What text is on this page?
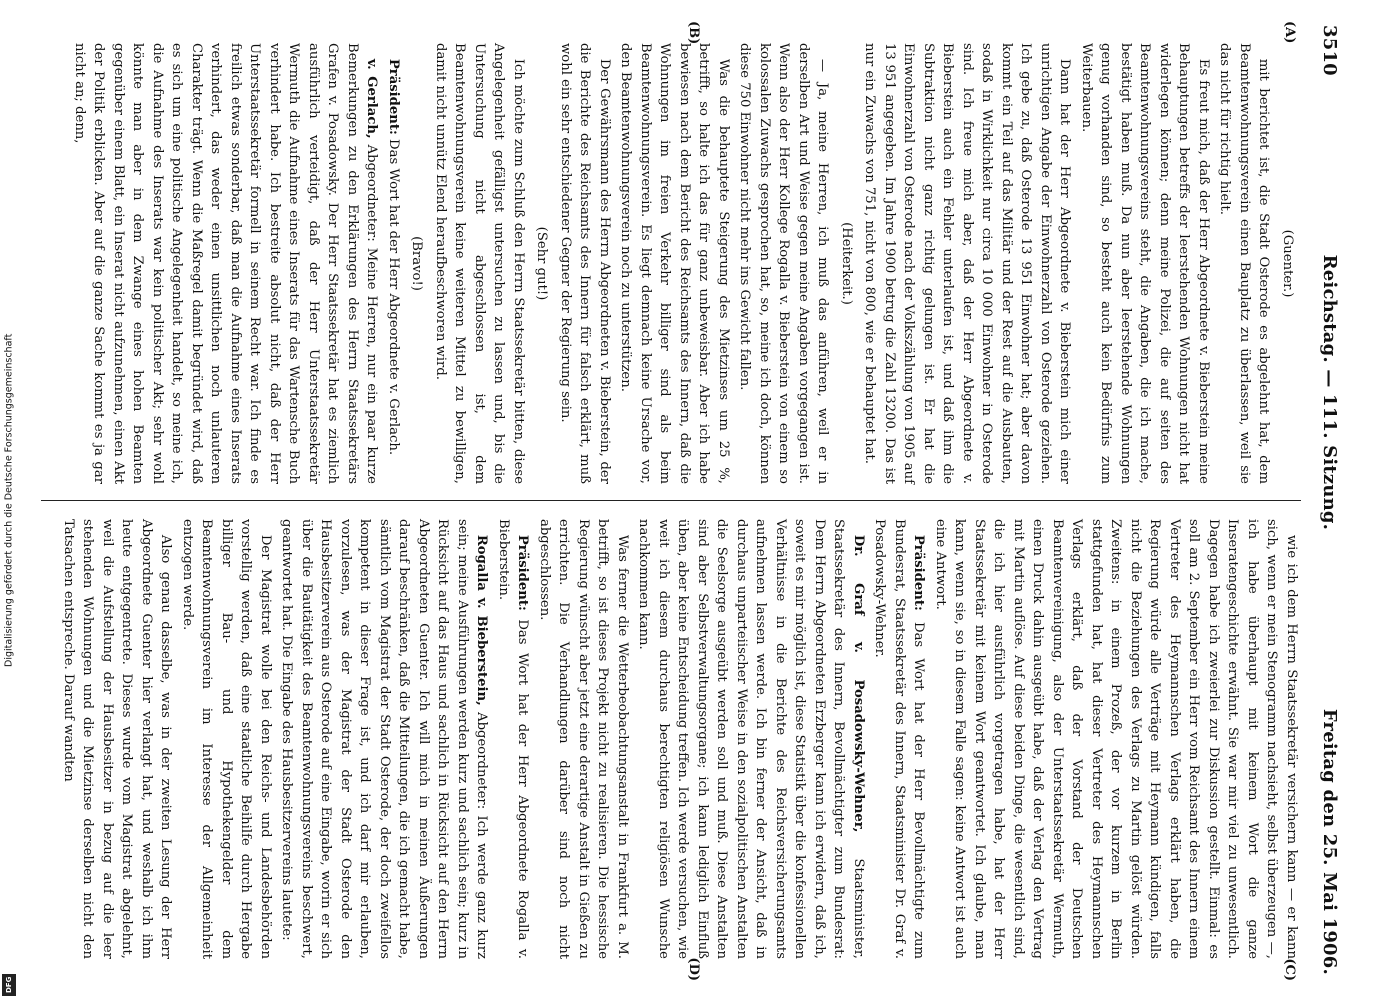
3510
Reichstag. — 111. Sitzung.
Freitag den 25. Mai 1906.

(Guenter.)

mit berichtet ist, die Stadt Osterode es abgelehnt hat, dem Beamtenwohnungsverein einen Bauplatz zu überlassen, weil sie das nicht für richtig hielt.

Es freut mich, daß der Herr Abgeordnete v. Bieberstein meine Behauptungen betreffs der leerstehenden Wohnungen nicht hat widerlegen können; denn meine Polizei, die auf seiten des Beamtenwohnungsvereins steht, die Angaben, die ich mache, bestätigt haben muß. Da nun aber leerstehende Wohnungen genug vorhanden sind, so besteht auch kein Bedürfnis zum Weiterbauen.

Dann hat der Herr Abgeordnete v. Bieberstein mich einer unrichtigen Angabe der Einwohnerzahl von Osterode geziehen. Ich gebe zu, daß Osterode 13 951 Einwohner hat; aber davon kommt ein Teil auf das Militär und der Rest auf die Ausbauten, sodaß in Wirklichkeit nur circa 10 000 Einwohner in Osterode sind. Ich freue mich aber, daß der Herr Abgeordnete v. Bieberstein auch ein Fehler unterlaufen ist, und daß ihm die Subtraktion nicht ganz richtig gelungen ist. Er hat die Einwohnerzahl von Osterode nach der Volkszählung von 1905 auf 13 951 angegeben. Im Jahre 1900 betrug die Zahl 13200. Das ist nur ein Zuwachs von 751, nicht von 800, wie er behauptet hat.

(Heiterkeit.)

— Ja, meine Herren, ich muß das anführen, weil er in derselben Art und Weise gegen meine Angaben vorgegangen ist. Wenn also der Herr Kollege Rogalla v. Bieberstein von einem so kolossalen Zuwachs gesprochen hat, so, meine ich doch, können diese 750 Einwohner nicht mehr ins Gewicht fallen.

Was die behauptete Steigerung des Mietzinses um 25 %, betrifft, so halte ich das für ganz unbeweisbar. Aber ich habe bewiesen nach dem Bericht des Reichsamts des Innern, daß die Wohnungen im freien Verkehr billiger sind als beim Beamtenwohnungsverein. Es liegt demnach keine Ursache vor, den Beamtenwohnungsverein noch zu unterstützen.

Der Gewährsmann des Herrn Abgeordneten v. Bieberstein, der die Berichte des Reichsamts des Innern für falsch erklärt, muß wohl ein sehr entschiedener Gegner der Regierung sein.

(Sehr gut!)

Ich möchte zum Schluß den Herrn Staatssekretär bitten, diese Angelegenheit gefälligst untersuchen zu lassen und, bis die Untersuchung nicht abgeschlossen ist, dem Beamtenwohnungsverein keine weiteren Mittel zu bewilligen, damit nicht unnütz Elend heraufbeschworen wird.

(Bravo!)

Präsident: Das Wort hat der Herr Abgeordnete v. Gerlach.

v. Gerlach, Abgeordneter: Meine Herren, nur ein paar kurze Bemerkungen zu den Erklärungen des Herrn Staatssekretärs Grafen v. Posadowsky. Der Herr Staatssekretär hat es ziemlich ausführlich verteidigt, daß der Herr Unterstaatssekretär Wermuth die Aufnahme eines Inserats für das Wartensche Buch verhindert habe. Ich bestreite absolut nicht, daß der Herr Unterstaatssekretär formell in seinem Recht war. Ich finde es freilich etwas sonderbar, daß man die Aufnahme eines Inserats verhindert, das weder einen unsittlichen noch unlauteren Charakter trägt. Wenn die Maßregel damit begründet wird, daß es sich um eine politische Angelegenheit handelt, so meine ich, die Aufnahme des Inserats war kein politischer Akt; sehr wohl könnte man aber in dem Zwange eines hohen Beamten gegenüber einem Blatt, ein Inserat nicht aufzunehmen, einen Akt der Politik erblicken. Aber auf die ganze Sache kommt es ja gar nicht an; denn,

wie ich dem Herrn Staatssekretär versichern kann — er kann sich, wenn er mein Stenogramm nachsieht, selbst überzeugen —, ich habe überhaupt mit keinem Wort die ganze Inseratengeschichte erwähnt. Sie war mir viel zu unwesentlich. Dagegen habe ich zweierlei zur Diskussion gestellt. Einmal: es soll am 2. September ein Herr vom Reichsamt des Innern einem Vertreter des Heymannschen Verlags erklärt haben, die Regierung würde alle Verträge mit Heymann kündigen, falls nicht die Beziehungen des Verlags zu Martin gelöst würden. Zweitens: in einem Prozeß, der vor kurzem in Berlin stattgefunden hat, hat dieser Vertreter des Heymannschen Verlags erklärt, daß der Vorstand der Deutschen Beamtenvereinigung, also der Unterstaatssekretär Wermuth, einen Druck dahin ausgeübt habe, daß der Verlag den Vertrag mit Martin auflöse. Auf diese beiden Dinge, die wesentlich sind, die ich hier ausführlich vorgetragen habe, hat der Herr Staatssekretär mit keinem Wort geantwortet. Ich glaube, man kann, wenn sie, so in diesem Falle sagen: keine Antwort ist auch eine Antwort.

Präsident: Das Wort hat der Herr Bevollmächtigte zum Bundesrat, Staatssekretär des Innern, Staatsminister Dr. Graf v. Posadowsky-Wehner.

Dr. Graf v. Posadowsky-Wehner, Staatsminister, Staatssekretär des Innern, Bevollmächtigter zum Bundesrat: Dem Herrn Abgeordneten Erzberger kann ich erwidern, daß ich, soweit es mir möglich ist, diese Statistik über die konfessionellen Verhältnisse in die Berichte des Reichsversicherungsamts aufnehmen lassen werde. Ich bin ferner der Ansicht, daß in durchaus unparteiischer Weise in den sozialpolitischen Anstalten die Seelsorge ausgeübt werden soll und muß. Diese Anstalten sind aber Selbstverwaltungsorgane; ich kann lediglich Einfluß üben, aber keine Entscheidung treffen. Ich werde versuchen, wie weit ich diesem durchaus berechtigten religiösen Wunsche nachkommen kann.

Was ferner die Wetterbeobachtungsanstalt in Frankfurt a. M. betrifft, so ist dieses Projekt nicht zu realisieren. Die hessische Regierung wünscht aber jetzt eine derartige Anstalt in Gießen zu errichten. Die Verhandlungen darüber sind noch nicht abgeschlossen.

Präsident: Das Wort hat der Herr Abgeordnete Rogalla v. Bieberstein.

Rogalla v. Bieberstein, Abgeordneter: Ich werde ganz kurz sein; meine Ausführungen werden kurz und sachlich sein; kurz in Rücksicht auf das Haus und sachlich in Rücksicht auf den Herrn Abgeordneten Guenter. Ich will mich in meinen Äußerungen darauf beschränken, daß die Mitteilungen, die ich gemacht habe, sämtlich vom Magistrat der Stadt Osterode, der doch zweifellos kompetent in dieser Frage ist, und ich darf mir erlauben, vorzulesen, was der Magistrat der Stadt Osterode den Hausbesitzerverein aus Osterode auf eine Eingabe, worin er sich über die Bautätigkeit des Beamtenwohnungsvereins beschwert, geantwortet hat. Die Eingabe des Hausbesitzervereins lautete:

Der Magistrat wolle bei den Reichs- und Landesbehörden vorstellig werden, daß eine staatliche Beihilfe durch Hergabe billiger Bau- und Hypothekengelder dem Beamtenwohnungsverein im Interesse der Allgemeinheit entzogen werde.

Also genau dasselbe, was in der zweiten Lesung der Herr Abgeordnete Guenter hier verlangt hat, und weshalb ich ihm heute entgegentrete. Dieses wurde vom Magistrat abgelehnt, weil die Aufstellung der Hausbesitzer in bezug auf die leer stehenden Wohnungen und die Mietzinse derselben nicht den Tatsachen entspreche. Darauf wandten

(A)
(B)
(C)
(D)
Digitalisierung gefördert durch die Deutsche Forschungsgemeinschaft
DFG
